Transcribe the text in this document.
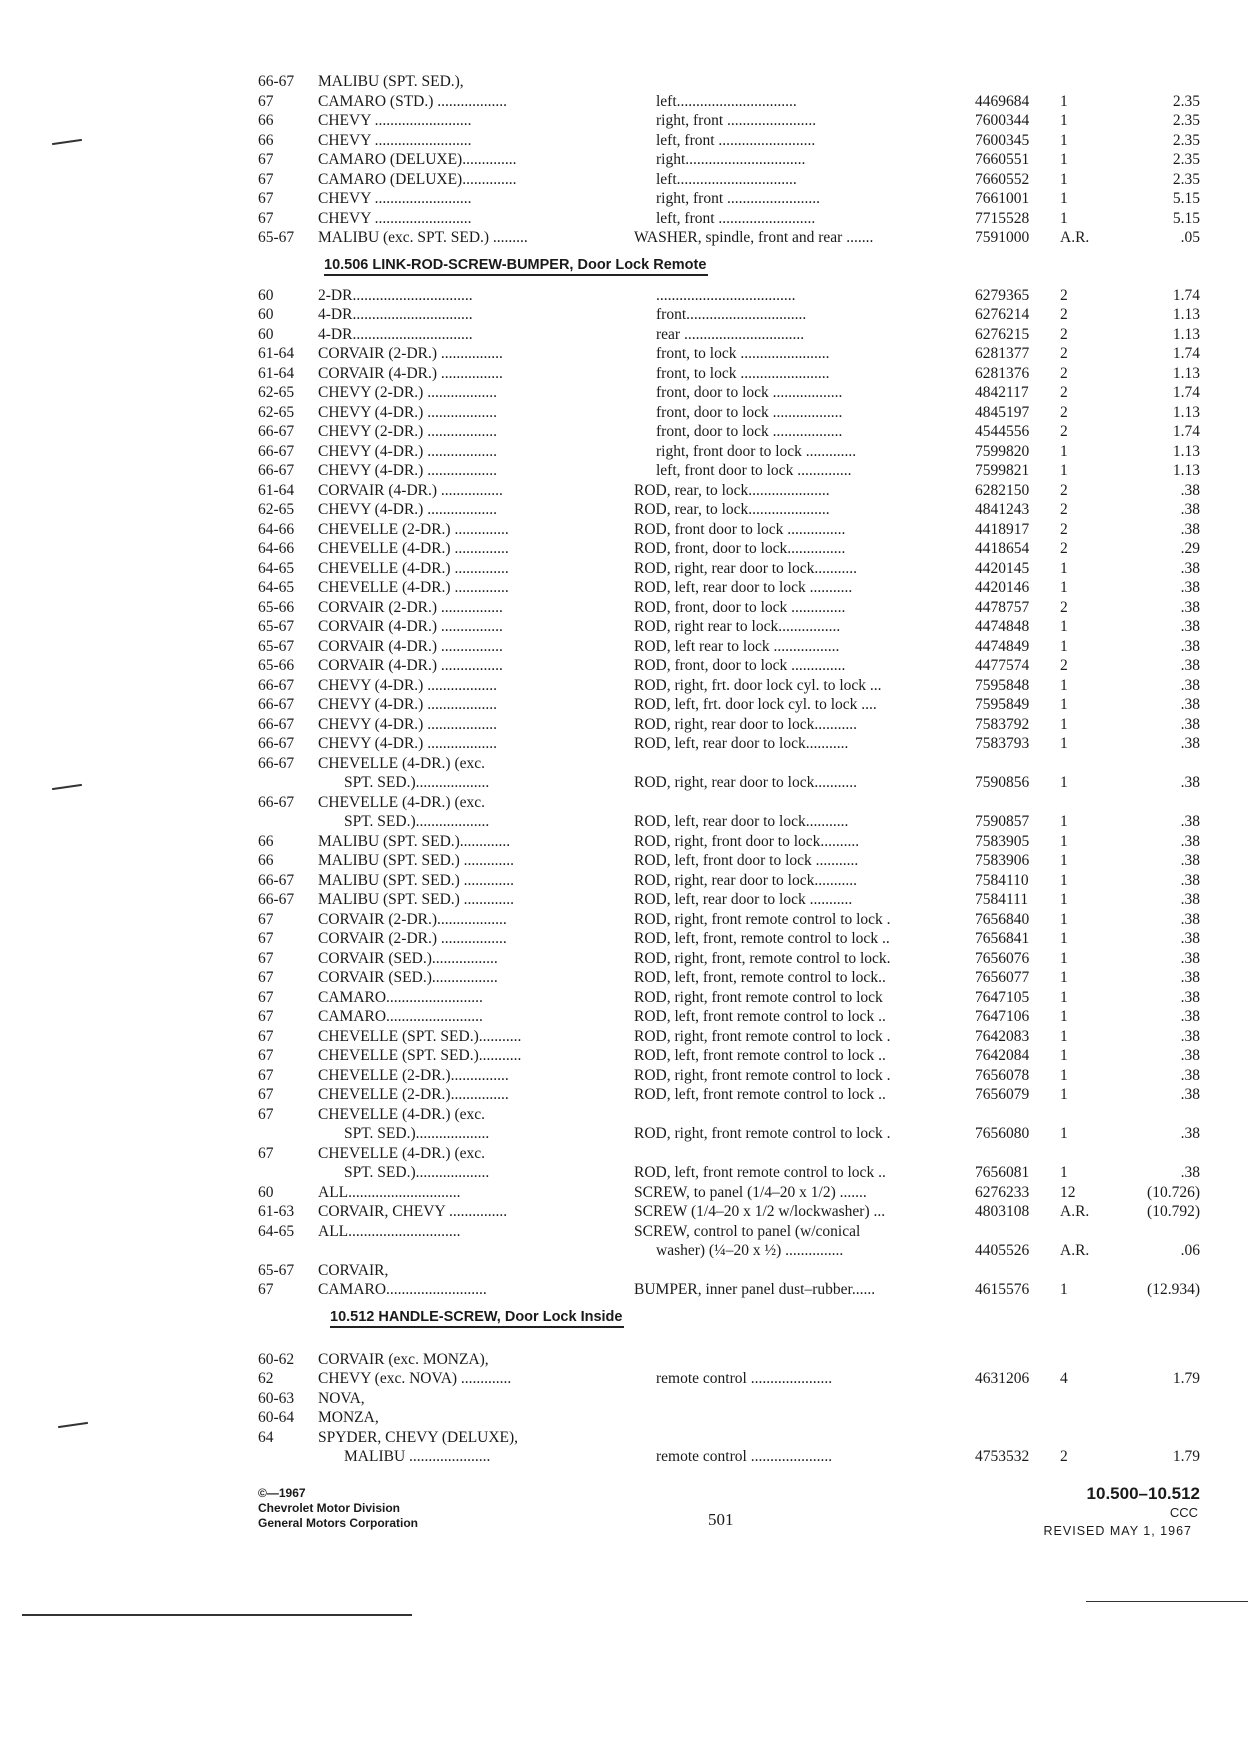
66-67	MALIBU (SPT. SED.),
67	CAMARO (STD.) ..................	left...............................	4469684	1	2.35
66	CHEVY .........................	right, front .......................	7600344	1	2.35
66	CHEVY .........................	left, front .........................	7600345	1	2.35
67	CAMARO (DELUXE)..............	right...............................	7660551	1	2.35
67	CAMARO (DELUXE)..............	left...............................	7660552	1	2.35
67	CHEVY .........................	right, front ........................	7661001	1	5.15
67	CHEVY .........................	left, front .........................	7715528	1	5.15
65-67	MALIBU (exc. SPT. SED.) .........	WASHER, spindle, front and rear .......	7591000	A.R.	.05
10.506 LINK-ROD-SCREW-BUMPER, Door Lock Remote
60	2-DR...............................	....................................	6279365	2	1.74
60	4-DR...............................	front...............................	6276214	2	1.13
60	4-DR...............................	rear ...............................	6276215	2	1.13
61-64	CORVAIR (2-DR.) ................	front, to lock .......................	6281377	2	1.74
61-64	CORVAIR (4-DR.) ................	front, to lock .......................	6281376	2	1.13
62-65	CHEVY (2-DR.) ..................	front, door to lock ..................	4842117	2	1.74
62-65	CHEVY (4-DR.) ..................	front, door to lock ..................	4845197	2	1.13
66-67	CHEVY (2-DR.) ..................	front, door to lock ..................	4544556	2	1.74
66-67	CHEVY (4-DR.) ..................	right, front door to lock .............	7599820	1	1.13
66-67	CHEVY (4-DR.) ..................	left, front door to lock ..............	7599821	1	1.13
61-64	CORVAIR (4-DR.) ................	ROD, rear, to lock.....................	6282150	2	.38
62-65	CHEVY (4-DR.) ..................	ROD, rear, to lock.....................	4841243	2	.38
64-66	CHEVELLE (2-DR.) ..............	ROD, front door to lock ...............	4418917	2	.38
64-66	CHEVELLE (4-DR.) ..............	ROD, front, door to lock...............	4418654	2	.29
64-65	CHEVELLE (4-DR.) ..............	ROD, right, rear door to lock...........	4420145	1	.38
64-65	CHEVELLE (4-DR.) ..............	ROD, left, rear door to lock ...........	4420146	1	.38
65-66	CORVAIR (2-DR.) ................	ROD, front, door to lock ..............	4478757	2	.38
65-67	CORVAIR (4-DR.) ................	ROD, right rear to lock................	4474848	1	.38
65-67	CORVAIR (4-DR.) ................	ROD, left rear to lock .................	4474849	1	.38
65-66	CORVAIR (4-DR.) ................	ROD, front, door to lock ..............	4477574	2	.38
66-67	CHEVY (4-DR.) ..................	ROD, right, frt. door lock cyl. to lock ...	7595848	1	.38
66-67	CHEVY (4-DR.) ..................	ROD, left, frt. door lock cyl. to lock ....	7595849	1	.38
66-67	CHEVY (4-DR.) ..................	ROD, right, rear door to lock...........	7583792	1	.38
66-67	CHEVY (4-DR.) ..................	ROD, left, rear door to lock...........	7583793	1	.38
66-67	CHEVELLE (4-DR.) (exc.
SPT. SED.)...................	ROD, right, rear door to lock...........	7590856	1	.38
66-67	CHEVELLE (4-DR.) (exc.
SPT. SED.)...................	ROD, left, rear door to lock...........	7590857	1	.38
66	MALIBU (SPT. SED.).............	ROD, right, front door to lock..........	7583905	1	.38
66	MALIBU (SPT. SED.) .............	ROD, left, front door to lock ...........	7583906	1	.38
66-67	MALIBU (SPT. SED.) .............	ROD, right, rear door to lock...........	7584110	1	.38
66-67	MALIBU (SPT. SED.) .............	ROD, left, rear door to lock ...........	7584111	1	.38
67	CORVAIR (2-DR.)..................	ROD, right, front remote control to lock .	7656840	1	.38
67	CORVAIR (2-DR.) .................	ROD, left, front, remote control to lock ..	7656841	1	.38
67	CORVAIR (SED.).................	ROD, right, front, remote control to lock.	7656076	1	.38
67	CORVAIR (SED.).................	ROD, left, front, remote control to lock..	7656077	1	.38
67	CAMARO.........................	ROD, right, front remote control to lock	7647105	1	.38
67	CAMARO.........................	ROD, left, front remote control to lock ..	7647106	1	.38
67	CHEVELLE (SPT. SED.)...........	ROD, right, front remote control to lock .	7642083	1	.38
67	CHEVELLE (SPT. SED.)...........	ROD, left, front remote control to lock ..	7642084	1	.38
67	CHEVELLE (2-DR.)...............	ROD, right, front remote control to lock .	7656078	1	.38
67	CHEVELLE (2-DR.)...............	ROD, left, front remote control to lock ..	7656079	1	.38
67	CHEVELLE (4-DR.) (exc.
SPT. SED.)...................	ROD, right, front remote control to lock .	7656080	1	.38
67	CHEVELLE (4-DR.) (exc.
SPT. SED.)...................	ROD, left, front remote control to lock ..	7656081	1	.38
60	ALL.............................	SCREW, to panel (1/4–20 x 1/2) .......	6276233	12	(10.726)
61-63	CORVAIR, CHEVY ...............	SCREW (1/4–20 x 1/2 w/lockwasher) ...	4803108	A.R.	(10.792)
64-65	ALL.............................	SCREW, control to panel (w/conical
washer) (¼–20 x ½) ...............	4405526	A.R.	.06
65-67	CORVAIR,
67	CAMARO..........................	BUMPER, inner panel dust–rubber......	4615576	1	(12.934)
10.512 HANDLE-SCREW, Door Lock Inside
60-62	CORVAIR (exc. MONZA),
62	CHEVY (exc. NOVA) .............	remote control .....................	4631206	4	1.79
60-63	NOVA,
60-64	MONZA,
64	SPYDER, CHEVY (DELUXE),
MALIBU .....................	remote control .....................	4753532	2	1.79
©—1967
Chevrolet Motor Division
General Motors Corporation	501
10.500–10.512
CCC
REVISED MAY 1, 1967
